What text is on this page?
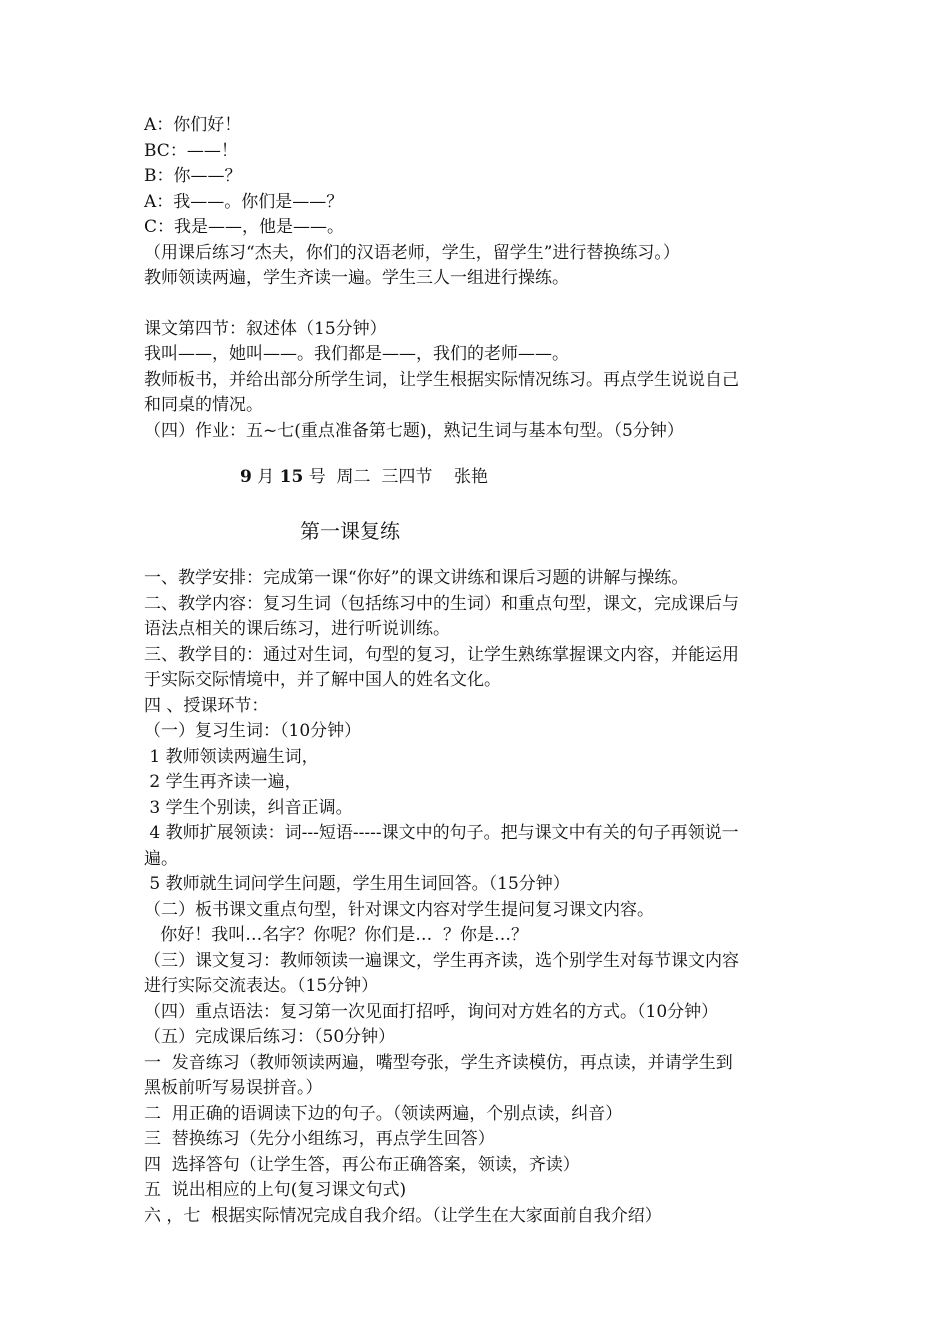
A：你们好！

BC：——！

B：你——？

A：我——。你们是——？

C：我是——，他是——。

（用课后练习“杰夫，你们的汉语老师，学生，留学生”进行替换练习。）

教师领读两遍，学生齐读一遍。学生三人一组进行操练。

课文第四节：叙述体（15分钟）

我叫——，她叫——。我们都是——，我们的老师——。

教师板书，并给出部分所学生词，让学生根据实际情况练习。再点学生说说自己

和同桌的情况。

（四）作业：五~七(重点准备第七题)，熟记生词与基本句型。（5分钟）

9 月 15 号 周二  三四节    张艳
第一课复练

一、教学安排：完成第一课“你好”的课文讲练和课后习题的讲解与操练。

二、教学内容：复习生词（包括练习中的生词）和重点句型，课文，完成课后与

语法点相关的课后练习，进行听说训练。

三、教学目的：通过对生词，句型的复习，让学生熟练掌握课文内容，并能运用

于实际交际情境中，并了解中国人的姓名文化。

四 、授课环节：

（一）复习生词：（10分钟）

1 教师领读两遍生词，

2 学生再齐读一遍，

3 学生个别读，纠音正调。

4 教师扩展领读：词---短语-----课文中的句子。把与课文中有关的句子再领说一

遍。

5 教师就生词问学生问题，学生用生词回答。（15分钟）

（二）板书课文重点句型，针对课文内容对学生提问复习课文内容。

你好！我叫…名字？你呢？你们是…  ？你是…？

（三）课文复习：教师领读一遍课文，学生再齐读，选个别学生对每节课文内容

进行实际交流表达。（15分钟）

（四）重点语法：复习第一次见面打招呼，询问对方姓名的方式。（10分钟）

（五）完成课后练习：（50分钟）

一  发音练习（教师领读两遍，嘴型夸张，学生齐读模仿，再点读，并请学生到

黑板前听写易误拼音。）

二  用正确的语调读下边的句子。（领读两遍，个别点读，纠音）

三  替换练习（先分小组练习，再点学生回答）

四  选择答句（让学生答，再公布正确答案，领读，齐读）

五  说出相应的上句(复习课文句式)

六 ，七  根据实际情况完成自我介绍。（让学生在大家面前自我介绍）
